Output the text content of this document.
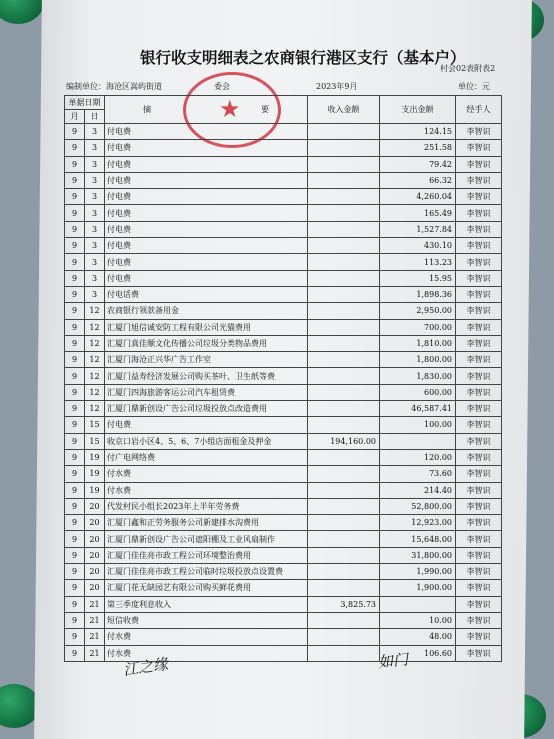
银行收支明细表之农商银行港区支行（基本户）
村会02表附表2
编制单位：海沧区嵩屿街道	委会	2023年9月	单位：元
★
单据日期		摘 要	收入金额	支出金额	经手人
月	日				
9	3	付电费		124.15	李智识
9	3	付电费		251.58	李智识
9	3	付电费		79.42	李智识
9	3	付电费		66.32	李智识
9	3	付电费		4,260.04	李智识
9	3	付电费		165.49	李智识
9	3	付电费		1,527.84	李智识
9	3	付电费		430.10	李智识
9	3	付电费		113.23	李智识
9	3	付电费		15.95	李智识
9	3	付电话费		1,898.36	李智识
9	12	农商银行领款备用金		2,950.00	李智识
9	12	汇厦门旭信诚安防工程有限公司光猫费用		700.00	李智识
9	12	汇厦门真佳顺文化传播公司垃圾分类物品费用		1,810.00	李智识
9	12	汇厦门海沧正兴华广告工作室		1,800.00	李智识
9	12	汇厦门益寿经济发展公司购买茶叶、卫生纸等费		1,830.00	李智识
9	12	汇厦门四海旅游客运公司汽车租赁费		600.00	李智识
9	12	汇厦门鼎新创设广告公司垃圾投放点改造费用		46,587.41	李智识
9	15	付电费		100.00	李智识
9	15	收京口岩小区4、5、6、7小组店面租金及押金	194,160.00		李智识
9	19	付广电网络费		120.00	李智识
9	19	付水费		73.60	李智识
9	19	付水费		214.40	李智识
9	20	代发村民小组长2023年上半年劳务费		52,800.00	李智识
9	20	汇厦门鑫和正劳务服务公司新建排水沟费用		12,923.00	李智识
9	20	汇厦门鼎新创设广告公司遮阳棚及工业风扇制作		15,648.00	李智识
9	20	汇厦门佳佳亮市政工程公司环境整治费用		31,800.00	李智识
9	20	汇厦门佳佳亮市政工程公司临时垃圾投放点设置费		1,990.00	李智识
9	20	汇厦门花无缺园艺有限公司购买鲜花费用		1,900.00	李智识
9	21	第三季度利息收入	3,825.73		李智识
9	21	短信收费		10.00	李智识
9	21	付水费		48.00	李智识
9	21	付水费		106.60	李智识
江之缘	如门
